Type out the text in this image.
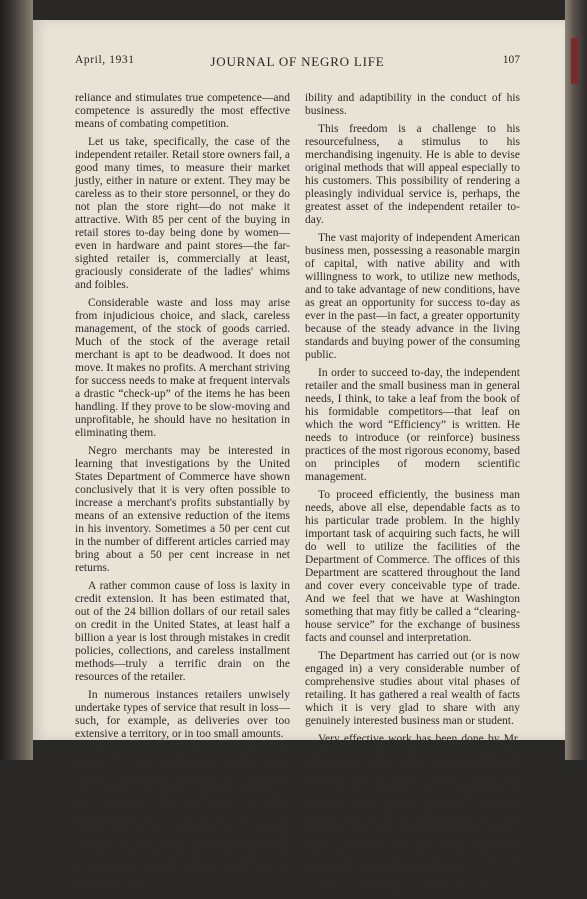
April, 1931	JOURNAL OF NEGRO LIFE	107

reliance and stimulates true competence—and competence is assuredly the most effective means of combating competition.

Let us take, specifically, the case of the independent retailer. Retail store owners fail, a good many times, to measure their market justly, either in nature or extent. They may be careless as to their store personnel, or they do not plan the store right—do not make it attractive. With 85 per cent of the buying in retail stores to-day being done by women—even in hardware and paint stores—the far-sighted retailer is, commercially at least, graciously considerate of the ladies' whims and foibles.

Considerable waste and loss may arise from injudicious choice, and slack, careless management, of the stock of goods carried. Much of the stock of the average retail merchant is apt to be deadwood. It does not move. It makes no profits. A merchant striving for success needs to make at frequent intervals a drastic “check-up” of the items he has been handling. If they prove to be slow-moving and unprofitable, he should have no hesitation in eliminating them.

Negro merchants may be interested in learning that investigations by the United States Department of Commerce have shown conclusively that it is very often possible to increase a merchant's profits substantially by means of an extensive reduction of the items in his inventory. Sometimes a 50 per cent cut in the number of different articles carried may bring about a 50 per cent increase in net returns.

A rather common cause of loss is laxity in credit extension. It has been estimated that, out of the 24 billion dollars of our retail sales on credit in the United States, at least half a billion a year is lost through mistakes in credit policies, collections, and careless installment methods—truly a terrific drain on the resources of the retailer.

In numerous instances retailers unwisely undertake types of service that result in loss—such, for example, as deliveries over too extensive a territory, or in too small amounts.

Let us look now at the other side of the picture. If the independent retailer faces certain formidable problems, he possesses also a number of highly important advantages. As contrasted with the units in larger organizations, he enjoys greater freedom of action. He is not restricted by unvarying systems. He is at liberty to adjust his methods and his stock to the peculiar tastes and moods of his patrons. He has a broad leeway for the qualities of flex-

ibility and adaptibility in the conduct of his business.

This freedom is a challenge to his resourcefulness, a stimulus to his merchandising ingenuity. He is able to devise original methods that will appeal especially to his customers. This possibility of rendering a pleasingly individual service is, perhaps, the greatest asset of the independent retailer to-day.

The vast majority of independent American business men, possessing a reasonable margin of capital, with native ability and with willingness to work, to utilize new methods, and to take advantage of new conditions, have as great an opportunity for success to-day as ever in the past—in fact, a greater opportunity because of the steady advance in the living standards and buying power of the consuming public.

In order to succeed to-day, the independent retailer and the small business man in general needs, I think, to take a leaf from the book of his formidable competitors—that leaf on which the word “Efficiency” is written. He needs to introduce (or reinforce) business practices of the most rigorous economy, based on principles of modern scientific management.

To proceed efficiently, the business man needs, above all else, dependable facts as to his particular trade problem. In the highly important task of acquiring such facts, he will do well to utilize the facilities of the Department of Commerce. The offices of this Department are scattered throughout the land and cover every conceivable type of trade. And we feel that we have at Washington something that may fitly be called a “clearing-house service” for the exchange of business facts and counsel and interpretation.

The Department has carried out (or is now engaged in) a very considerable number of comprehensive studies about vital phases of retailing. It has gathered a real wealth of facts which it is very glad to share with any genuinely interested business man or student.

Very effective work has been done by Mr. James A. Jackson, the Assistant Business Specialist in charge of the Department's Small Business unit to which I have referred. His analyses of conditions and compilations of statistics have proved genuinely valuable. Addressing numerous organizations of small business men, and establishing many worth-while contacts, he has been decidedly influential in movements for business betterment within his chosen field.

The fact that Negro business folk are
